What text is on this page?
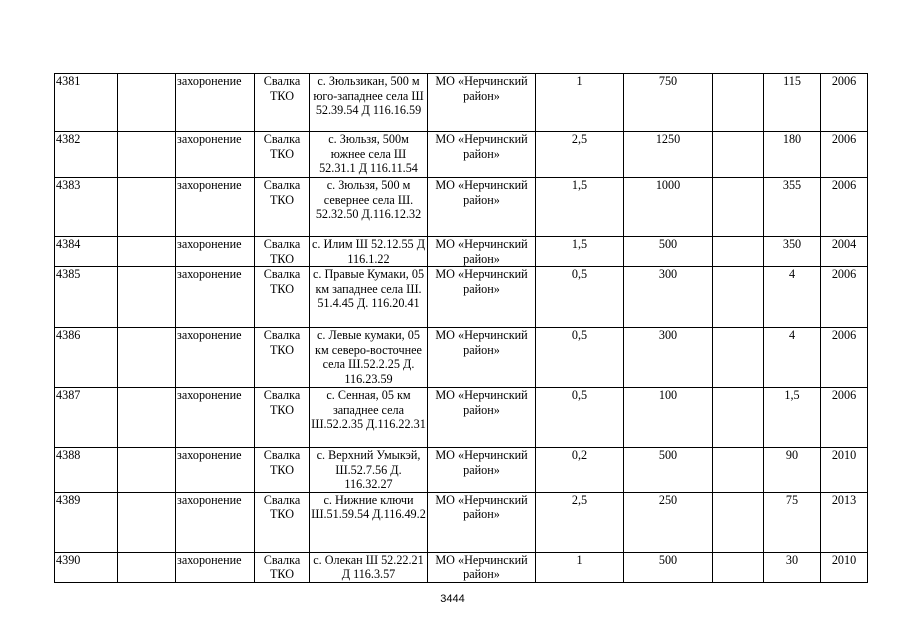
4381		захоронение	Свалка ТКО	с. Зюльзикан, 500 м юго-западнее села Ш 52.39.54 Д 116.16.59	МО «Нерчинский район»	1	750		115	2006
4382		захоронение	Свалка ТКО	с. Зюльзя, 500м южнее села Ш 52.31.1 Д 116.11.54	МО «Нерчинский район»	2,5	1250		180	2006
4383		захоронение	Свалка ТКО	с. Зюльзя, 500 м севернее села Ш. 52.32.50 Д.116.12.32	МО «Нерчинский район»	1,5	1000		355	2006
4384		захоронение	Свалка ТКО	с. Илим Ш 52.12.55 Д 116.1.22	МО «Нерчинский район»	1,5	500		350	2004
4385		захоронение	Свалка ТКО	с. Правые Кумаки, 05 км западнее села Ш. 51.4.45 Д. 116.20.41	МО «Нерчинский район»	0,5	300		4	2006
4386		захоронение	Свалка ТКО	с. Левые кумаки, 05 км северо-восточнее села Ш.52.2.25 Д. 116.23.59	МО «Нерчинский район»	0,5	300		4	2006
4387		захоронение	Свалка ТКО	с. Сенная, 05 км западнее села Ш.52.2.35 Д.116.22.31	МО «Нерчинский район»	0,5	100		1,5	2006
4388		захоронение	Свалка ТКО	с. Верхний Умыкэй, Ш.52.7.56 Д. 116.32.27	МО «Нерчинский район»	0,2	500		90	2010
4389		захоронение	Свалка ТКО	с. Нижние ключи Ш.51.59.54 Д.116.49.2	МО «Нерчинский район»	2,5	250		75	2013
4390		захоронение	Свалка ТКО	с. Олекан Ш 52.22.21 Д 116.3.57	МО «Нерчинский район»	1	500		30	2010
3444
